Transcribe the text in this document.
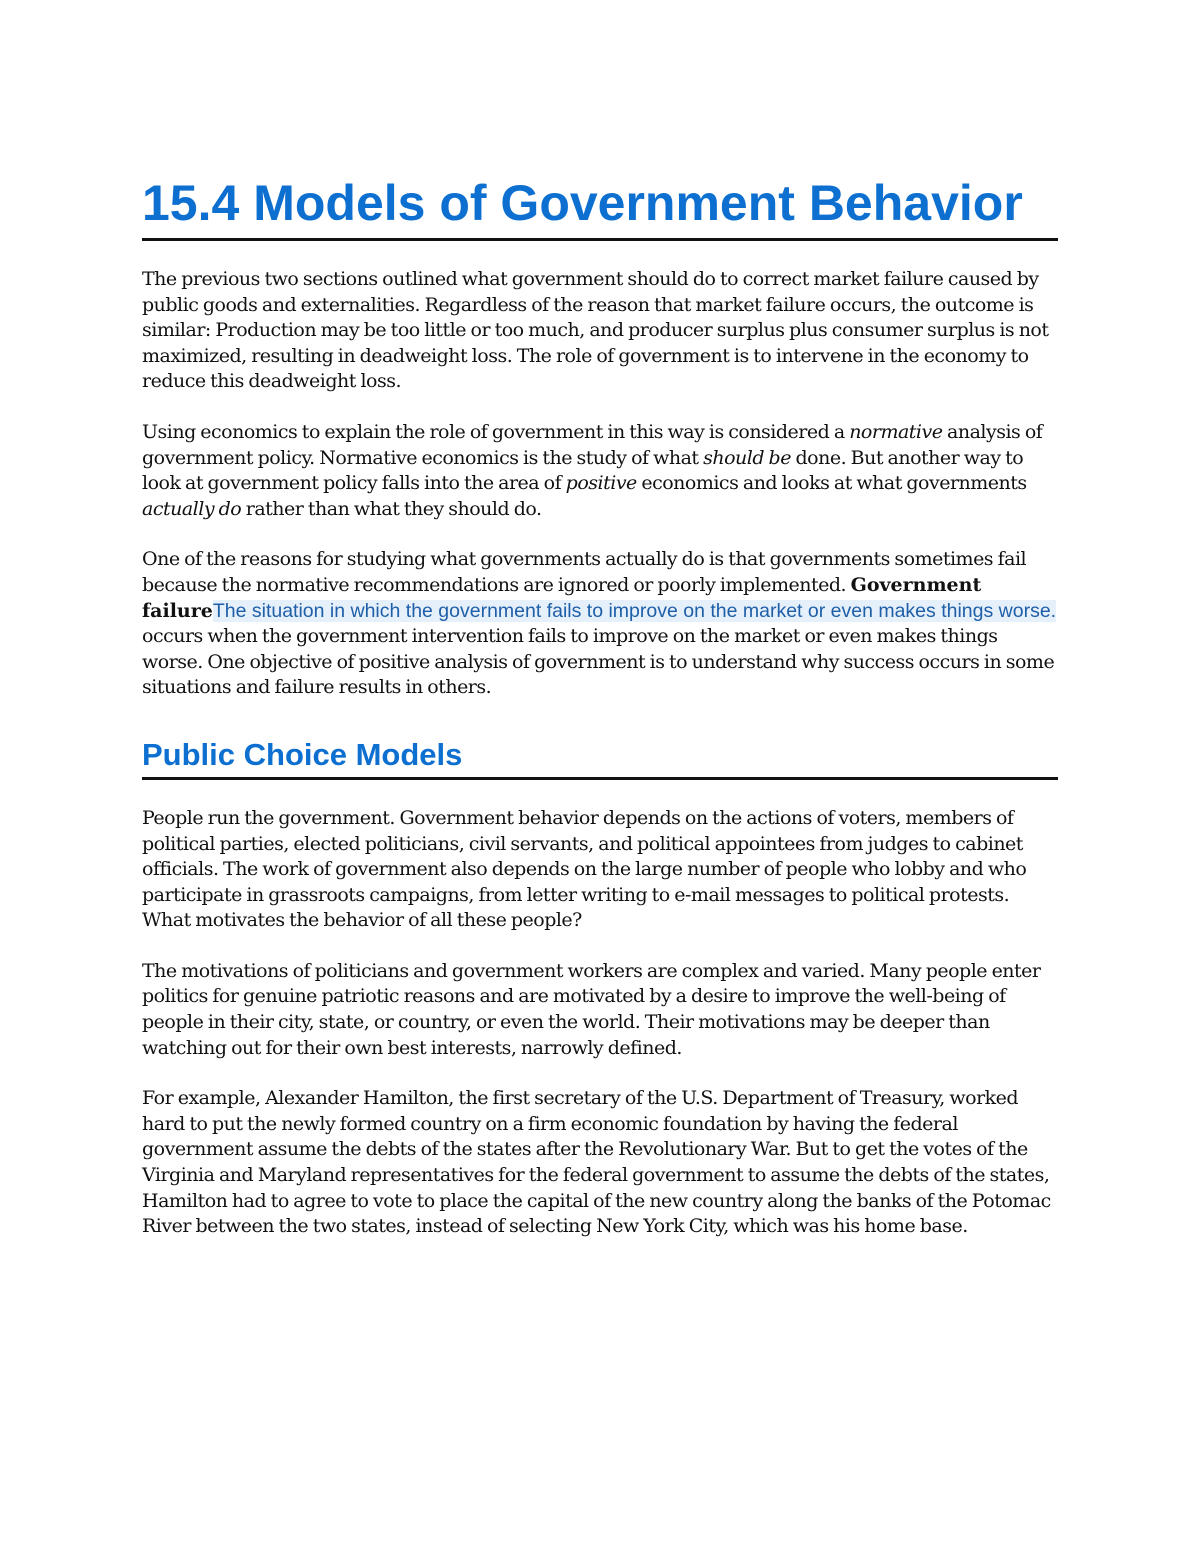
15.4 Models of Government Behavior

The previous two sections outlined what government should do to correct market failure caused by public goods and externalities. Regardless of the reason that market failure occurs, the outcome is similar: Production may be too little or too much, and producer surplus plus consumer surplus is not maximized, resulting in deadweight loss. The role of government is to intervene in the economy to reduce this deadweight loss.

Using economics to explain the role of government in this way is considered a normative analysis of government policy. Normative economics is the study of what should be done. But another way to look at government policy falls into the area of positive economics and looks at what governments actually do rather than what they should do.

One of the reasons for studying what governments actually do is that governments sometimes fail because the normative recommendations are ignored or poorly implemented. Government failureThe situation in which the government fails to improve on the market or even makes things worse. occurs when the government intervention fails to improve on the market or even makes things worse. One objective of positive analysis of government is to understand why success occurs in some situations and failure results in others.

Public Choice Models

People run the government. Government behavior depends on the actions of voters, members of political parties, elected politicians, civil servants, and political appointees from judges to cabinet officials. The work of government also depends on the large number of people who lobby and who participate in grassroots campaigns, from letter writing to e-mail messages to political protests. What motivates the behavior of all these people?

The motivations of politicians and government workers are complex and varied. Many people enter politics for genuine patriotic reasons and are motivated by a desire to improve the well-being of people in their city, state, or country, or even the world. Their motivations may be deeper than watching out for their own best interests, narrowly defined.

For example, Alexander Hamilton, the first secretary of the U.S. Department of Treasury, worked hard to put the newly formed country on a firm economic foundation by having the federal government assume the debts of the states after the Revolutionary War. But to get the votes of the Virginia and Maryland representatives for the federal government to assume the debts of the states, Hamilton had to agree to vote to place the capital of the new country along the banks of the Potomac River between the two states, instead of selecting New York City, which was his home base.
